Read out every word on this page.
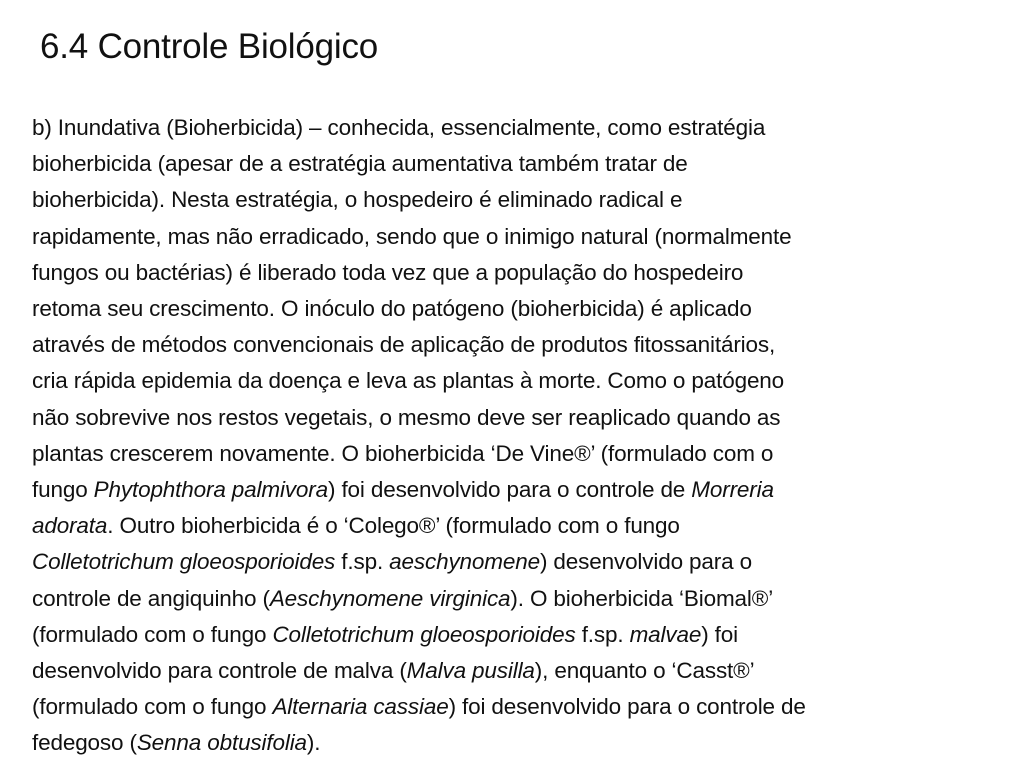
6.4 Controle Biológico

b) Inundativa (Bioherbicida) – conhecida, essencialmente, como estratégia
bioherbicida (apesar de a estratégia aumentativa também tratar de
bioherbicida). Nesta estratégia, o hospedeiro é eliminado radical e
rapidamente, mas não erradicado, sendo que o inimigo natural (normalmente
fungos ou bactérias) é liberado toda vez que a população do hospedeiro
retoma seu crescimento. O inóculo do patógeno (bioherbicida) é aplicado
através de métodos convencionais de aplicação de produtos fitossanitários,
cria rápida epidemia da doença e leva as plantas à morte. Como o patógeno
não sobrevive nos restos vegetais, o mesmo deve ser reaplicado quando as
plantas crescerem novamente. O bioherbicida ‘De Vine®’ (formulado com o
fungo Phytophthora palmivora) foi desenvolvido para o controle de Morreria
adorata. Outro bioherbicida é o ‘Colego®’ (formulado com o fungo
Colletotrichum gloeosporioides f.sp. aeschynomene) desenvolvido para o
controle de angiquinho (Aeschynomene virginica). O bioherbicida ‘Biomal®’
(formulado com o fungo Colletotrichum gloeosporioides f.sp. malvae) foi
desenvolvido para controle de malva (Malva pusilla), enquanto o ‘Casst®’
(formulado com o fungo Alternaria cassiae) foi desenvolvido para o controle de
fedegoso (Senna obtusifolia).
